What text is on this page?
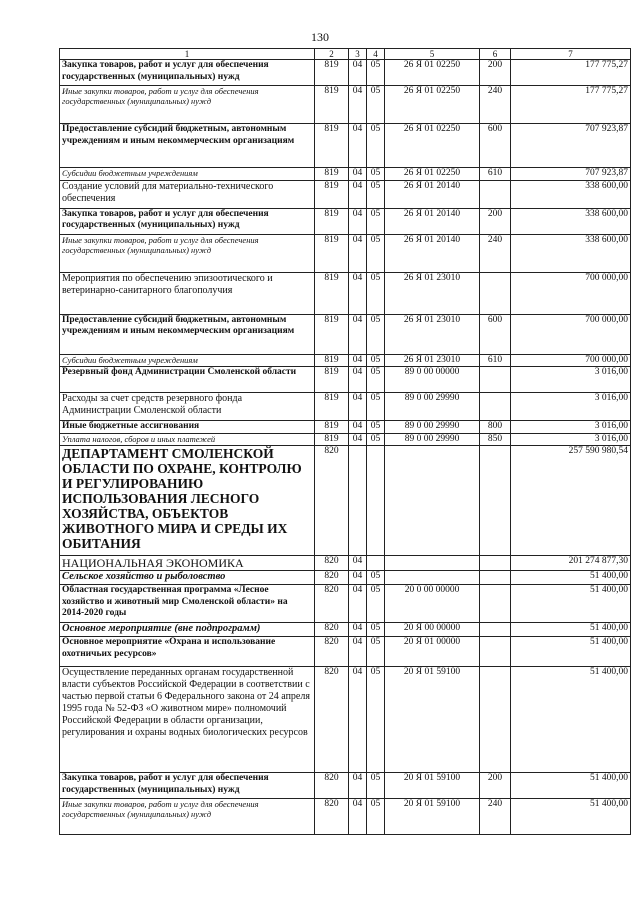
130
1	2	3	4	5	6	7
Закупка товаров, работ и услуг для обеспечения государственных (муниципальных) нужд	819	04	05	26 Я 01 02250	200	177 775,27
Иные закупки товаров, работ и услуг для обеспечения государственных (муниципальных) нужд	819	04	05	26 Я 01 02250	240	177 775,27
Предоставление субсидий бюджетным, автономным учреждениям и иным некоммерческим организациям	819	04	05	26 Я 01 02250	600	707 923,87
Субсидии бюджетным учреждениям	819	04	05	26 Я 01 02250	610	707 923,87
Создание условий для материально-технического обеспечения	819	04	05	26 Я 01 20140		338 600,00
Закупка товаров, работ и услуг для обеспечения государственных (муниципальных) нужд	819	04	05	26 Я 01 20140	200	338 600,00
Иные закупки товаров, работ и услуг для обеспечения государственных (муниципальных) нужд	819	04	05	26 Я 01 20140	240	338 600,00
Мероприятия по обеспечению эпизоотического и ветеринарно-санитарного благополучия	819	04	05	26 Я 01 23010		700 000,00
Предоставление субсидий бюджетным, автономным учреждениям и иным некоммерческим организациям	819	04	05	26 Я 01 23010	600	700 000,00
Субсидии бюджетным учреждениям	819	04	05	26 Я 01 23010	610	700 000,00
Резервный фонд Администрации Смоленской области	819	04	05	89 0 00 00000		3 016,00
Расходы за счет средств резервного фонда Администрации Смоленской области	819	04	05	89 0 00 29990		3 016,00
Иные бюджетные ассигнования	819	04	05	89 0 00 29990	800	3 016,00
Уплата налогов, сборов и иных платежей	819	04	05	89 0 00 29990	850	3 016,00
ДЕПАРТАМЕНТ СМОЛЕНСКОЙ ОБЛАСТИ ПО ОХРАНЕ, КОНТРОЛЮ И РЕГУЛИРОВАНИЮ ИСПОЛЬЗОВАНИЯ ЛЕСНОГО ХОЗЯЙСТВА, ОБЪЕКТОВ ЖИВОТНОГО МИРА И СРЕДЫ ИХ ОБИТАНИЯ	820					257 590 980,54
НАЦИОНАЛЬНАЯ ЭКОНОМИКА	820	04				201 274 877,30
Сельское хозяйство и рыболовство	820	04	05			51 400,00
Областная государственная программа «Лесное хозяйство и животный мир Смоленской области» на 2014-2020 годы	820	04	05	20 0 00 00000		51 400,00
Основное мероприятие (вне подпрограмм)	820	04	05	20 Я 00 00000		51 400,00
Основное мероприятие «Охрана и использование охотничьих ресурсов»	820	04	05	20 Я 01 00000		51 400,00
Осуществление переданных органам государственной власти субъектов Российской Федерации в соответствии с частью первой статьи 6 Федерального закона от 24 апреля 1995 года № 52-ФЗ «О животном мире» полномочий Российской Федерации в области организации, регулирования и охраны водных биологических ресурсов	820	04	05	20 Я 01 59100		51 400,00
Закупка товаров, работ и услуг для обеспечения государственных (муниципальных) нужд	820	04	05	20 Я 01 59100	200	51 400,00
Иные закупки товаров, работ и услуг для обеспечения государственных (муниципальных) нужд	820	04	05	20 Я 01 59100	240	51 400,00
